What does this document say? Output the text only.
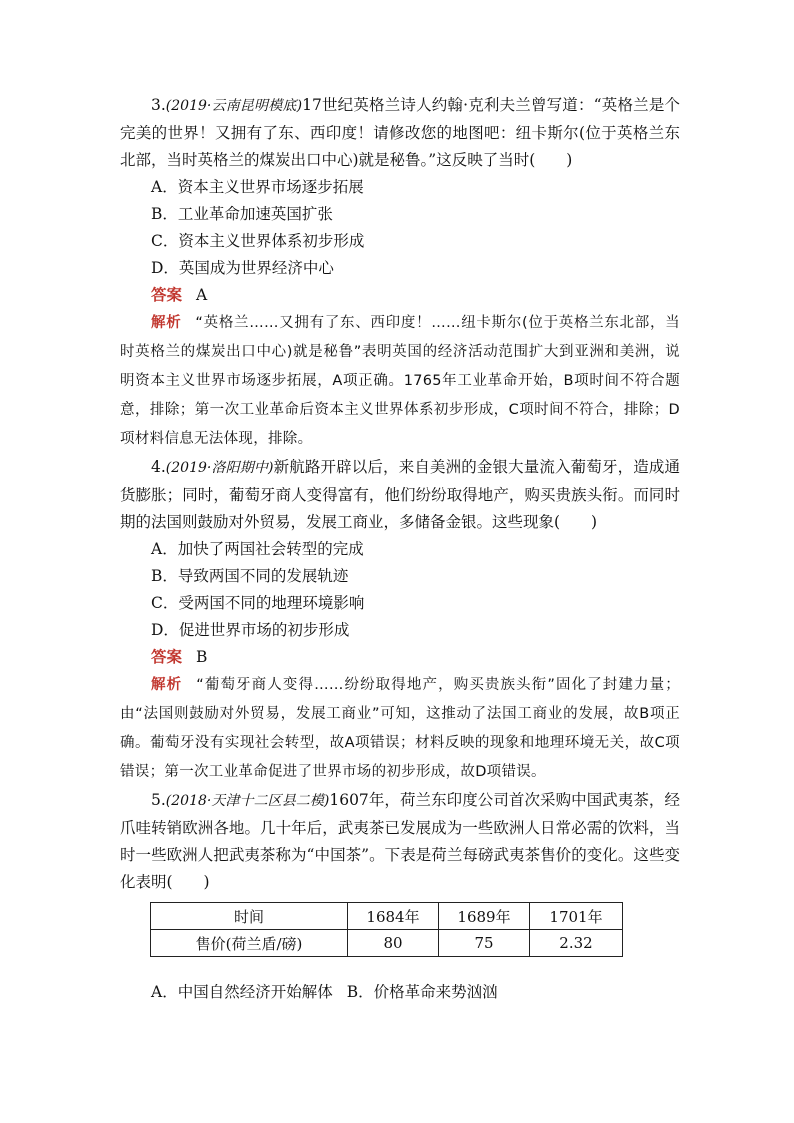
3.(2019·云南昆明模底)17世纪英格兰诗人约翰·克利夫兰曾写道：“英格兰是个完美的世界！又拥有了东、西印度！请修改您的地图吧：纽卡斯尔(位于英格兰东北部，当时英格兰的煤炭出口中心)就是秘鲁。”这反映了当时(　　)

A．资本主义世界市场逐步拓展

B．工业革命加速英国扩张

C．资本主义世界体系初步形成

D．英国成为世界经济中心

答案 A

解析 “英格兰……又拥有了东、西印度！……纽卡斯尔(位于英格兰东北部，当时英格兰的煤炭出口中心)就是秘鲁”表明英国的经济活动范围扩大到亚洲和美洲，说明资本主义世界市场逐步拓展，A项正确。1765年工业革命开始，B项时间不符合题意，排除；第一次工业革命后资本主义世界体系初步形成，C项时间不符合，排除；D项材料信息无法体现，排除。

4.(2019·洛阳期中)新航路开辟以后，来自美洲的金银大量流入葡萄牙，造成通货膨胀；同时，葡萄牙商人变得富有，他们纷纷取得地产，购买贵族头衔。而同时期的法国则鼓励对外贸易，发展工商业，多储备金银。这些现象(　　)

A．加快了两国社会转型的完成

B．导致两国不同的发展轨迹

C．受两国不同的地理环境影响

D．促进世界市场的初步形成

答案 B

解析 “葡萄牙商人变得……纷纷取得地产，购买贵族头衔”固化了封建力量；由“法国则鼓励对外贸易，发展工商业”可知，这推动了法国工商业的发展，故B项正确。葡萄牙没有实现社会转型，故A项错误；材料反映的现象和地理环境无关，故C项错误；第一次工业革命促进了世界市场的初步形成，故D项错误。

5.(2018·天津十二区县二模)1607年，荷兰东印度公司首次采购中国武夷茶，经爪哇转销欧洲各地。几十年后，武夷茶已发展成为一些欧洲人日常必需的饮料，当时一些欧洲人把武夷茶称为“中国茶”。下表是荷兰每磅武夷茶售价的变化。这些变化表明(　　)

时间	1684年	1689年	1701年
售价(荷兰盾/磅)	80	75	2.32

A．中国自然经济开始解体 B．价格革命来势汹汹
